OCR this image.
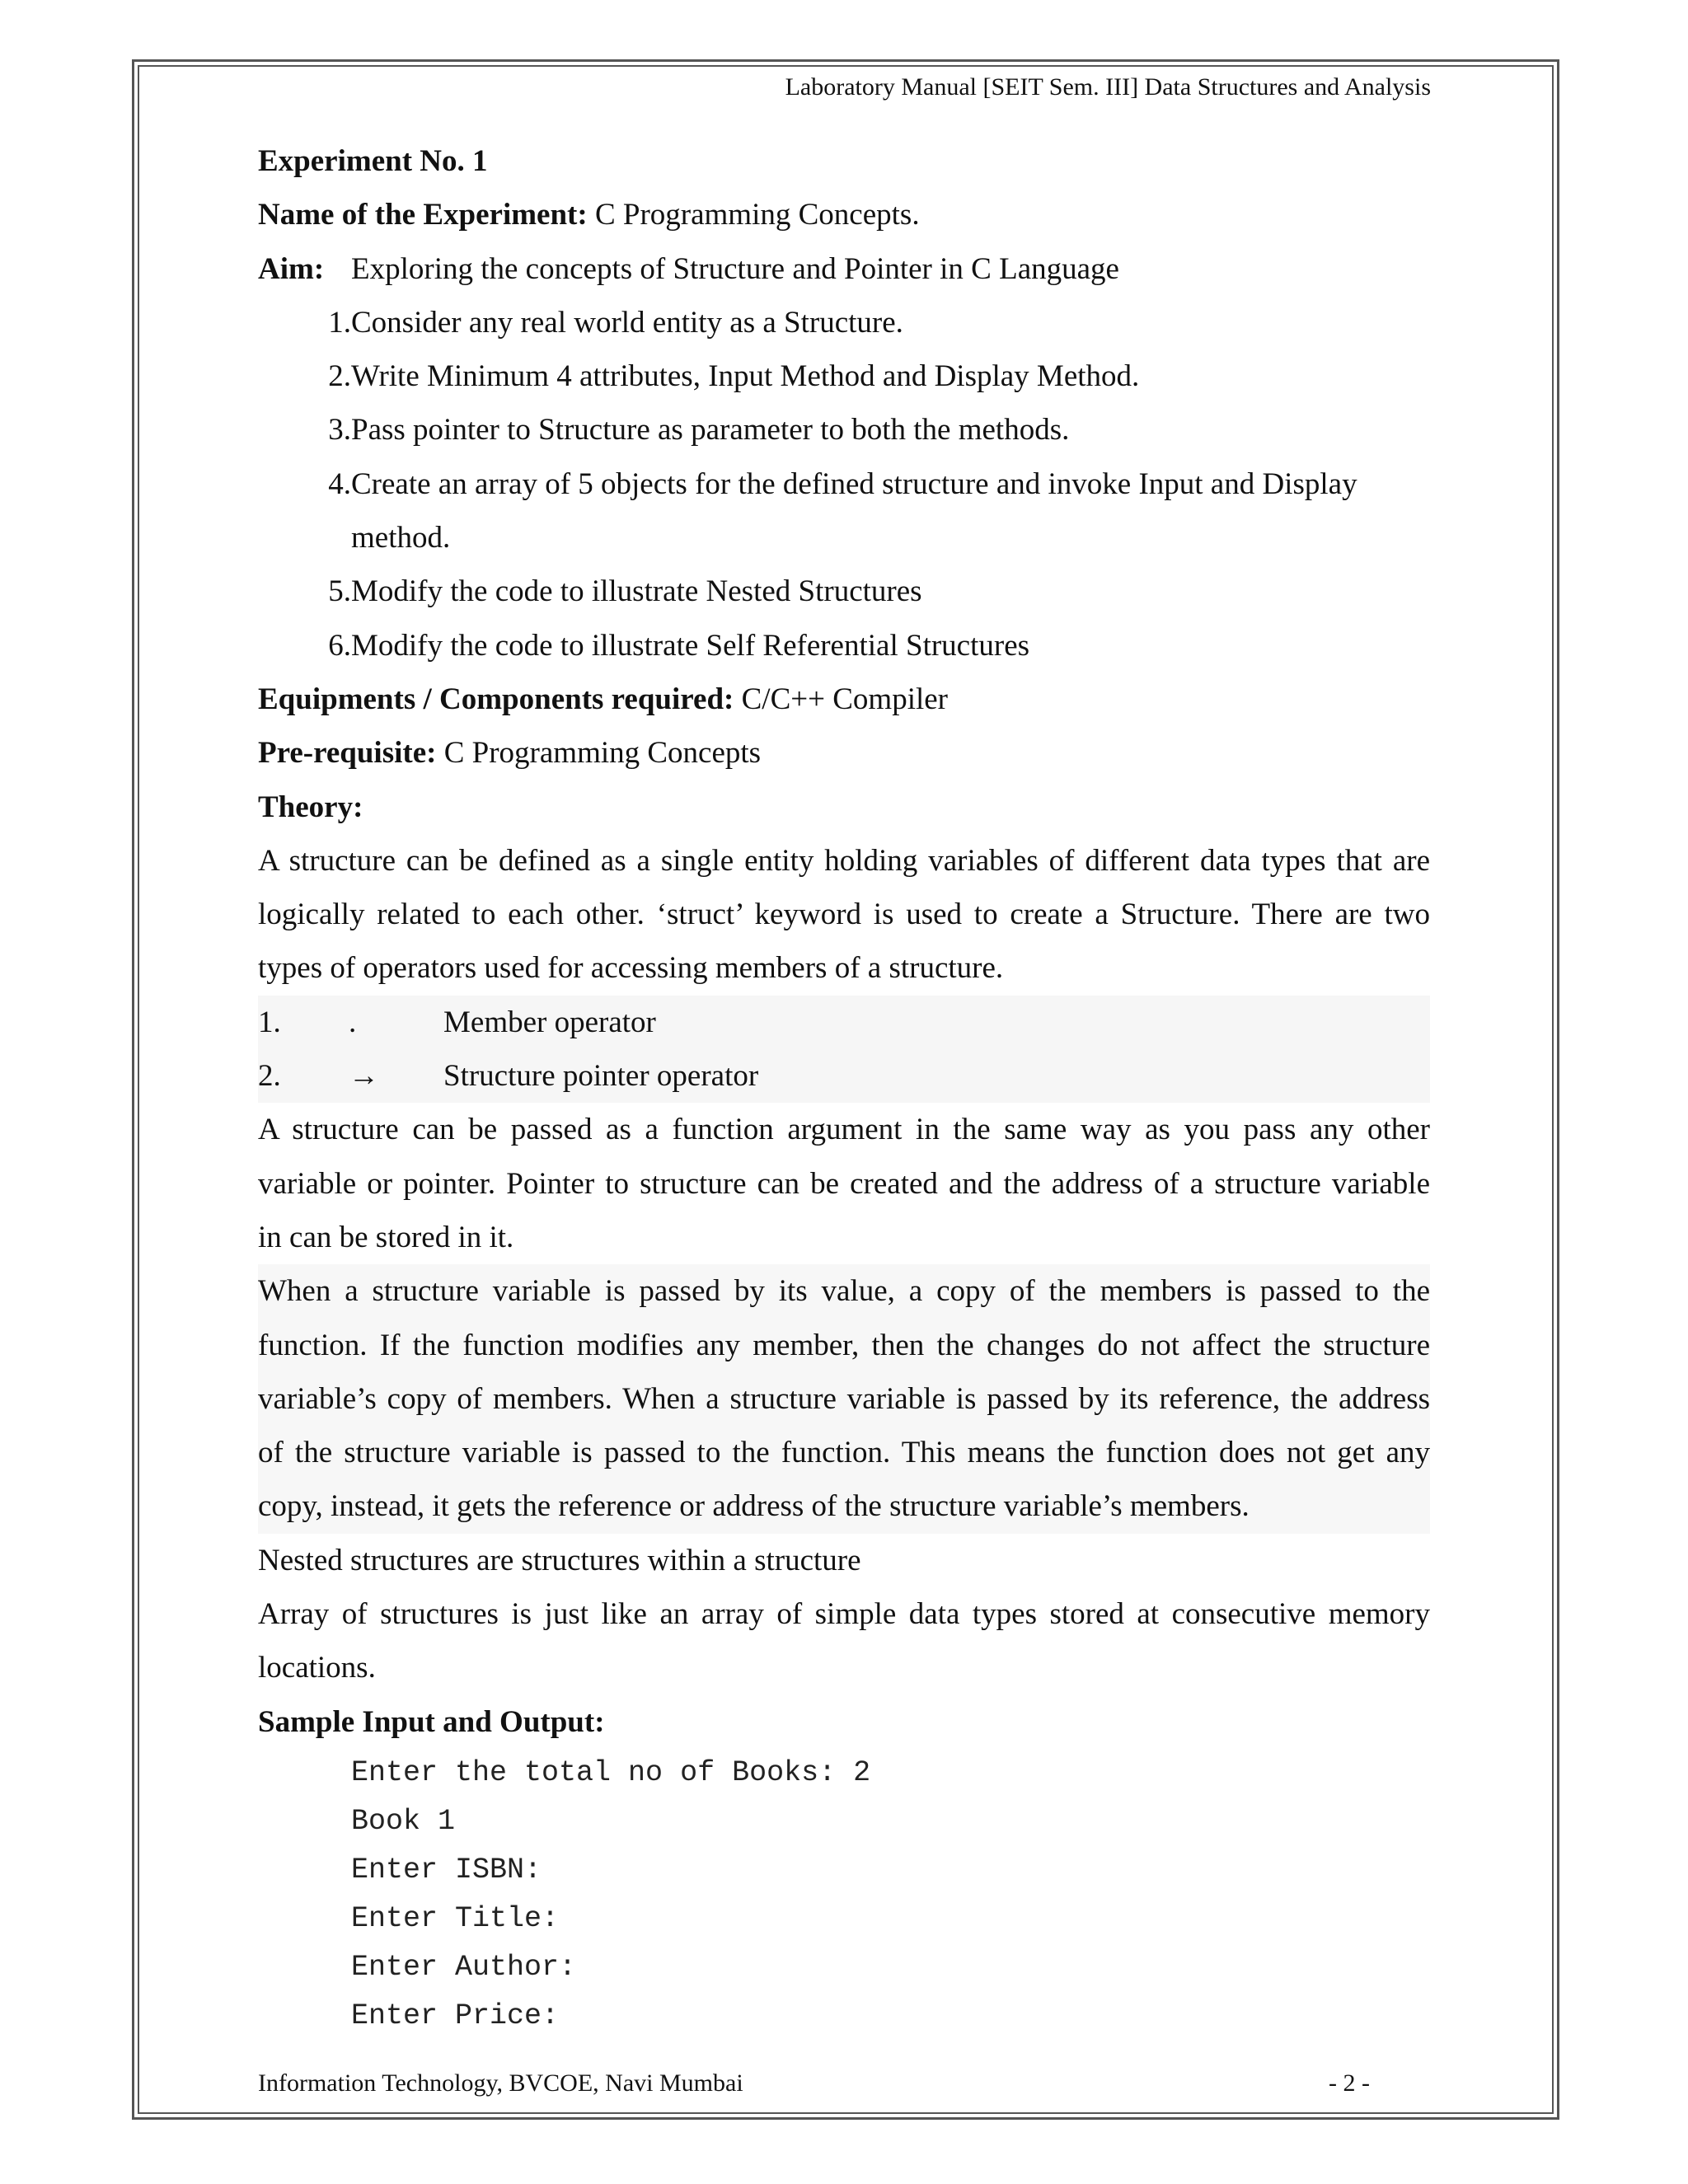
Laboratory Manual [SEIT Sem. III] Data Structures and Analysis
Experiment No. 1
Name of the Experiment: C Programming Concepts.
Aim: Exploring the concepts of Structure and Pointer in C Language
1. Consider any real world entity as a Structure.
2. Write Minimum 4 attributes, Input Method and Display Method.
3. Pass pointer to Structure as parameter to both the methods.
4. Create an array of 5 objects for the defined structure and invoke Input and Display
method.
5. Modify the code to illustrate Nested Structures
6. Modify the code to illustrate Self Referential Structures
Equipments / Components required: C/C++ Compiler
Pre-requisite: C Programming Concepts
Theory:
A structure can be defined as a single entity holding variables of different data types that are
logically related to each other. ‘struct’ keyword is used to create a Structure. There are two
types of operators used for accessing members of a structure.
1. .	Member operator
2. → Structure pointer operator
A structure can be passed as a function argument in the same way as you pass any other
variable or pointer. Pointer to structure can be created and the address of a structure variable
in can be stored in it.
When a structure variable is passed by its value, a copy of the members is passed to the
function. If the function modifies any member, then the changes do not affect the structure
variable’s copy of members. When a structure variable is passed by its reference, the address
of the structure variable is passed to the function. This means the function does not get any
copy, instead, it gets the reference or address of the structure variable’s members.
Nested structures are structures within a structure
Array of structures is just like an array of simple data types stored at consecutive memory
locations.
Sample Input and Output:
Enter the total no of Books: 2
Book 1
Enter ISBN:
Enter Title:
Enter Author:
Enter Price:
Information Technology, BVCOE, Navi Mumbai	- 2 -
